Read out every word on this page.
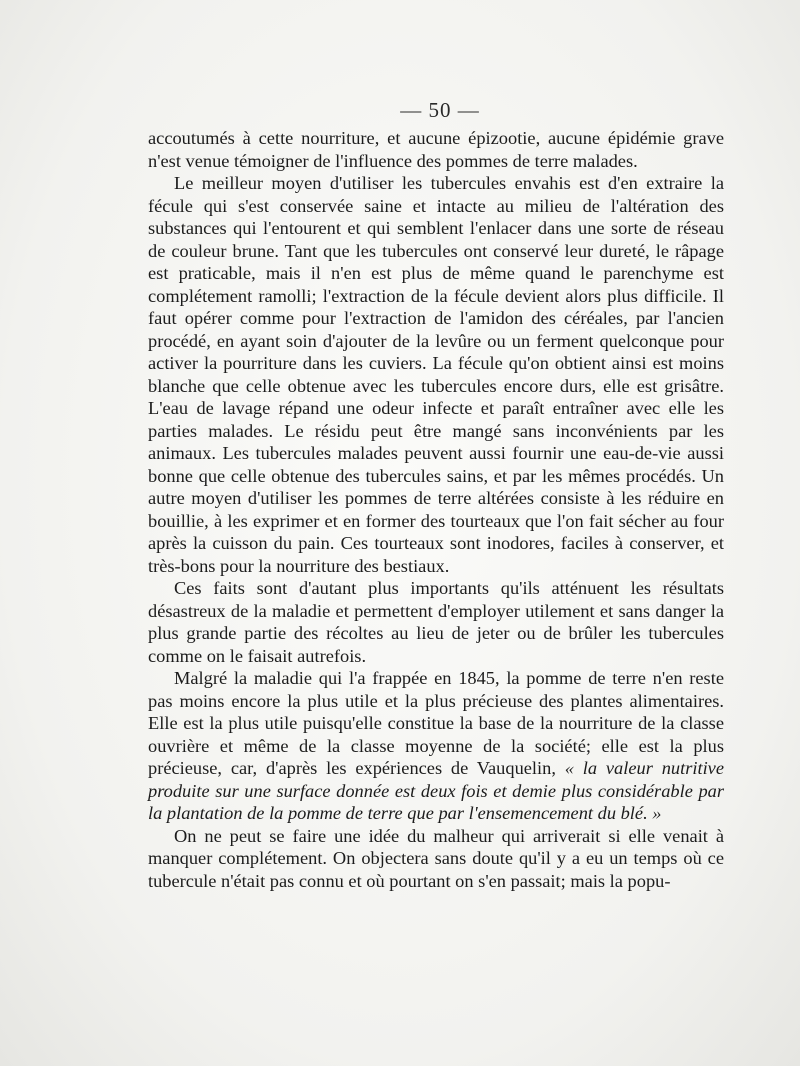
— 50 —

accoutumés à cette nourriture, et aucune épizootie, aucune épidémie grave n'est venue témoigner de l'influence des pommes de terre malades.

Le meilleur moyen d'utiliser les tubercules envahis est d'en extraire la fécule qui s'est conservée saine et intacte au milieu de l'altération des substances qui l'entourent et qui semblent l'enlacer dans une sorte de réseau de couleur brune. Tant que les tubercules ont conservé leur dureté, le râpage est praticable, mais il n'en est plus de même quand le parenchyme est complétement ramolli; l'extraction de la fécule devient alors plus difficile. Il faut opérer comme pour l'extraction de l'amidon des céréales, par l'ancien procédé, en ayant soin d'ajouter de la levûre ou un ferment quelconque pour activer la pourriture dans les cuviers. La fécule qu'on obtient ainsi est moins blanche que celle obtenue avec les tubercules encore durs, elle est grisâtre. L'eau de lavage répand une odeur infecte et paraît entraîner avec elle les parties malades. Le résidu peut être mangé sans inconvénients par les animaux. Les tubercules malades peuvent aussi fournir une eau-de-vie aussi bonne que celle obtenue des tubercules sains, et par les mêmes procédés. Un autre moyen d'utiliser les pommes de terre altérées consiste à les réduire en bouillie, à les exprimer et en former des tourteaux que l'on fait sécher au four après la cuisson du pain. Ces tourteaux sont inodores, faciles à conserver, et très-bons pour la nourriture des bestiaux.

Ces faits sont d'autant plus importants qu'ils atténuent les résultats désastreux de la maladie et permettent d'employer utilement et sans danger la plus grande partie des récoltes au lieu de jeter ou de brûler les tubercules comme on le faisait autrefois.

Malgré la maladie qui l'a frappée en 1845, la pomme de terre n'en reste pas moins encore la plus utile et la plus précieuse des plantes alimentaires. Elle est la plus utile puisqu'elle constitue la base de la nourriture de la classe ouvrière et même de la classe moyenne de la société; elle est la plus précieuse, car, d'après les expériences de Vauquelin, « la valeur nutritive produite sur une surface donnée est deux fois et demie plus considérable par la plantation de la pomme de terre que par l'ensemencement du blé. »

On ne peut se faire une idée du malheur qui arriverait si elle venait à manquer complétement. On objectera sans doute qu'il y a eu un temps où ce tubercule n'était pas connu et où pourtant on s'en passait; mais la popu-
